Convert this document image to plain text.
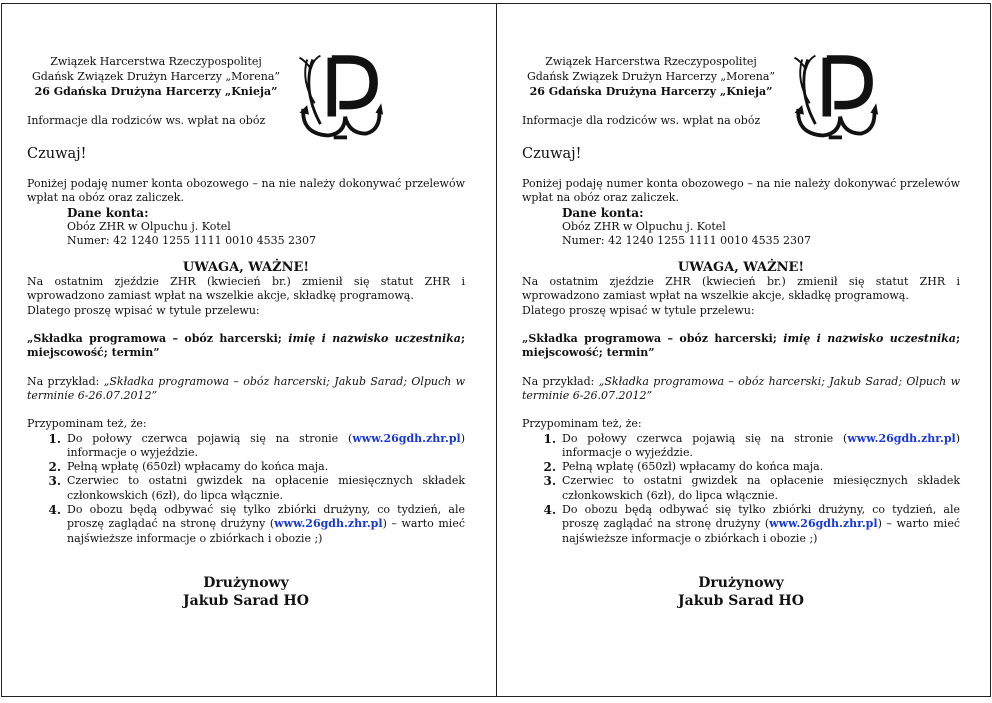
Związek Harcerstwa Rzeczypospolitej
Gdańsk Związek Drużyn Harcerzy „Morena”
26 Gdańska Drużyna Harcerzy „Knieja”
Informacje dla rodziców ws. wpłat na obóz
Czuwaj!

Poniżej podaję numer konta obozowego – na nie należy dokonywać przelewów wpłat na obóz oraz zaliczek.

Dane konta:
Obóz ZHR w Olpuchu j. Kotel
Numer: 42 1240 1255 1111 0010 4535 2307
UWAGA, WAŻNE!

Na ostatnim zjeździe ZHR (kwiecień br.) zmienił się statut ZHR i wprowadzono zamiast wpłat na wszelkie akcje, składkę programową.

Dlatego proszę wpisać w tytule przelewu:

„Składka programowa – obóz harcerski; imię i nazwisko uczestnika; miejscowość; termin”

Na przykład: „Składka programowa – obóz harcerski; Jakub Sarad; Olpuch w terminie 6-26.07.2012”

Przypominam też, że:

1. Do połowy czerwca pojawią się na stronie (www.26gdh.zhr.pl) informacje o wyjeździe.
2. Pełną wpłatę (650zł) wpłacamy do końca maja.
3. Czerwiec to ostatni gwizdek na opłacenie miesięcznych składek członkowskich (6zł), do lipca włącznie.
4. Do obozu będą odbywać się tylko zbiórki drużyny, co tydzień, ale proszę zaglądać na stronę drużyny (www.26gdh.zhr.pl) – warto mieć najświeższe informacje o zbiórkach i obozie ;)
Drużynowy
Jakub Sarad HO
Związek Harcerstwa Rzeczypospolitej
Gdańsk Związek Drużyn Harcerzy „Morena”
26 Gdańska Drużyna Harcerzy „Knieja”
Informacje dla rodziców ws. wpłat na obóz
Czuwaj!

Poniżej podaję numer konta obozowego – na nie należy dokonywać przelewów wpłat na obóz oraz zaliczek.

Dane konta:
Obóz ZHR w Olpuchu j. Kotel
Numer: 42 1240 1255 1111 0010 4535 2307
UWAGA, WAŻNE!

Na ostatnim zjeździe ZHR (kwiecień br.) zmienił się statut ZHR i wprowadzono zamiast wpłat na wszelkie akcje, składkę programową.

Dlatego proszę wpisać w tytule przelewu:

„Składka programowa – obóz harcerski; imię i nazwisko uczestnika; miejscowość; termin”

Na przykład: „Składka programowa – obóz harcerski; Jakub Sarad; Olpuch w terminie 6-26.07.2012”

Przypominam też, że:

1. Do połowy czerwca pojawią się na stronie (www.26gdh.zhr.pl) informacje o wyjeździe.
2. Pełną wpłatę (650zł) wpłacamy do końca maja.
3. Czerwiec to ostatni gwizdek na opłacenie miesięcznych składek członkowskich (6zł), do lipca włącznie.
4. Do obozu będą odbywać się tylko zbiórki drużyny, co tydzień, ale proszę zaglądać na stronę drużyny (www.26gdh.zhr.pl) – warto mieć najświeższe informacje o zbiórkach i obozie ;)
Drużynowy
Jakub Sarad HO
